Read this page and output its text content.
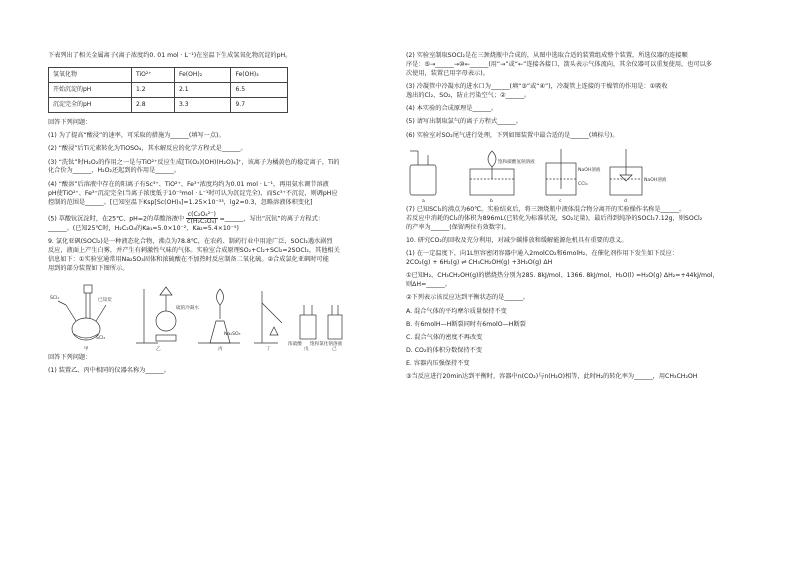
下表列出了相关金属离子(离子浓度约0. 01 mol · L⁻¹)在室温下生成氢氧化物沉淀的pH。

氢氧化物	TiO²⁺	Fe(OH)₂	Fe(OH)₃
开始沉淀的pH	1.2	2.1	6.5
沉淀完全的pH	2.8	3.3	9.7

回答下列问题：

(1) 为了提高“酸浸”的速率，可采取的措施为______(填写一点)。

(2) “酸浸”后Ti元素转化为TiOSO₄，其水解反应的化学方程式是______。

(3) “洗钛”时H₂O₂的作用之一是与TiO²⁺反应生成[Ti(O₂)(OH)(H₂O)₄]⁺，该离子为橘黄色的稳定离子，Ti的
化合价为______，H₂O₂还起到的作用是______。

(4) “酸溶”后溶液中存在的阳离子有Sc³⁺、TiO²⁺、Fe³⁺浓度均约为0.01 mol · L⁻¹，再用氨水调节溶液
pH使TiO²⁺、Fe³⁺沉淀完全(当离子浓度低于10⁻⁵mol · L⁻¹时可认为沉淀完全)，而Sc³⁺不沉淀，则调pH应
控制的范围是______。[已知室温下Ksp[Sc(OH)₃]=1.25×10⁻³³，lg2≈0.3，忽略溶液体积变化]

(5) 草酸钪沉淀时，在25℃、pH=2的草酸溶液中 $\frac{\text{c(C₂O₄²⁻)}}{\text{c(H₂C₂O₄)}}$ =______，写出“沉钪”的离子方程式：
______。(已知25℃时，H₂C₂O₄的Ka₁=5.0×10⁻²，Ka₂=5.4×10⁻⁵)

9. 氯化亚砜(SOCl₂)是一种液态化合物，沸点为78.8℃，在农药、制药行业中用途广泛，SOCl₂遇水剧烈
反应，液面上产生白雾，并产生有刺激性气味的气体。实验室合成原理SO₂+Cl₂+SCl₂=2SOCl₂，其他相关
信息如下：①实验室通常用Na₂SO₃固体和浓硫酸在不加热时反应制备二氧化硫。②合成氯化亚砜时可能
用到的部分装置如下图所示。

SCl₂	已知炭
SCl₂
硫的冷凝水
浓硫酸 饱和氯化钠溶液
Na₂SO₃
甲	乙	丙	丁	戊	己

回答下列问题：

(1) 装置乙、丙中相同的仪器名称为______。

(2) 实验室制取SOCl₂是在三颈烧瓶中合成的，从图中选取合适的装置组成整个装置，所选仪器的连接顺
序是：⑤→______→⑩←______(用“→”或“←”连接各接口，箭头表示气体流向，其余仪器可以重复使用，也可以多
次使用，装置已用字母表示)。

(3) 冷凝管中冷凝水的进水口为______(填“③”或“④”)，冷凝管上连接的干燥管的作用是：①吸收
逸出的Cl₂、SO₂，防止污染空气；②______。

(4) 本实验的合成原理是______。

(5) 请写出制取氯气的离子方程式______。

(6) 实验室对SO₂尾气进行处理，下列如图装置中最合适的是______(填标号)。

饱和碳酸氢钠溶液
NaOH溶液
CCl₄
NaOH溶液
a	b	c	d

(7) 已知SCl₂的沸点为60℃。实验结束后，将三颈烧瓶中液体混合物分离开的实验操作名称是______。
若反应中消耗的Cl₂的体积为896mL(已转化为标准状况，SO₂足量)，最后得到纯净的SOCl₂7.12g，则SOCl₂
的产率为______(保留两位有效数字)。

10. 研究CO₂的回收及充分利用，对减少碳排放和缓解能源危机具有重要的意义。

(1) 在一定温度下，向1L恒容密闭容器中通入2molCO₂和6molH₂，在催化剂作用下发生如下反应：
2CO₂(g) + 6H₂(g) ⇌ CH₃CH₂OH(g) +3H₂O(g) ΔH

①已知H₂、CH₃CH₂OH(g)的燃烧热分别为285. 8kJ/mol、1366. 8kJ/mol，H₂O(l) =H₂O(g) ΔH₂=+44kJ/mol，
则ΔH=______。

②下列表示该反应达到平衡状态的是______。

A. 混合气体的平均摩尔质量保持不变

B. 有6molH—H断裂同时有6molO—H断裂

C. 混合气体的密度不再改变

D. CO₂的体积分数保持不变

E. 容器内压强保持不变

③当反应进行20min达到平衡时，容器中n(CO₂)与n(H₂O)相等，此时H₂的转化率为______，用CH₃CH₂OH
